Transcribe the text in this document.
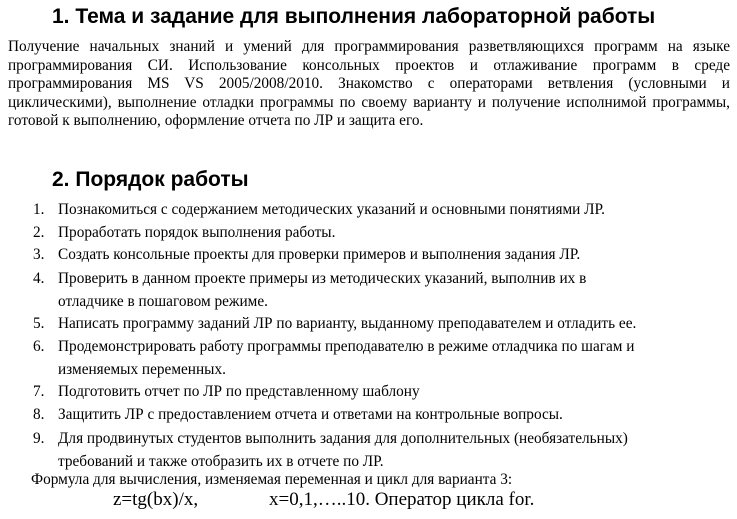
1. Тема и задание для выполнения лабораторной работы

Получение начальных знаний и умений для программирования разветвляющихся программ на языке программирования СИ. Использование консольных проектов и отлаживание программ в среде программирования MS VS 2005/2008/2010. Знакомство с операторами ветвления (условными и циклическими), выполнение отладки программы по своему варианту и получение исполнимой программы, готовой к выполнению, оформление отчета по ЛР и защита его.

2. Порядок работы
1. Познакомиться с содержанием методических указаний и основными понятиями ЛР.
2. Проработать порядок выполнения работы.
3. Создать консольные проекты для проверки примеров и выполнения задания ЛР.
4. Проверить в данном проекте примеры из методических указаний, выполнив их в
отладчике в пошаговом режиме.
5. Написать программу заданий ЛР по варианту, выданному преподавателем и отладить ее.
6. Продемонстрировать работу программы преподавателю в режиме отладчика по шагам и
изменяемых переменных.
7. Подготовить отчет по ЛР по представленному шаблону
8. Защитить ЛР с предоставлением отчета и ответами на контрольные вопросы.
9. Для продвинутых студентов выполнить задания для дополнительных (необязательных)
требований и также отобразить их в отчете по ЛР.
Формула для вычисления, изменяемая переменная и цикл для варианта 3:
z=tg(bx)/x,	x=0,1,…..10. Оператор цикла for.
